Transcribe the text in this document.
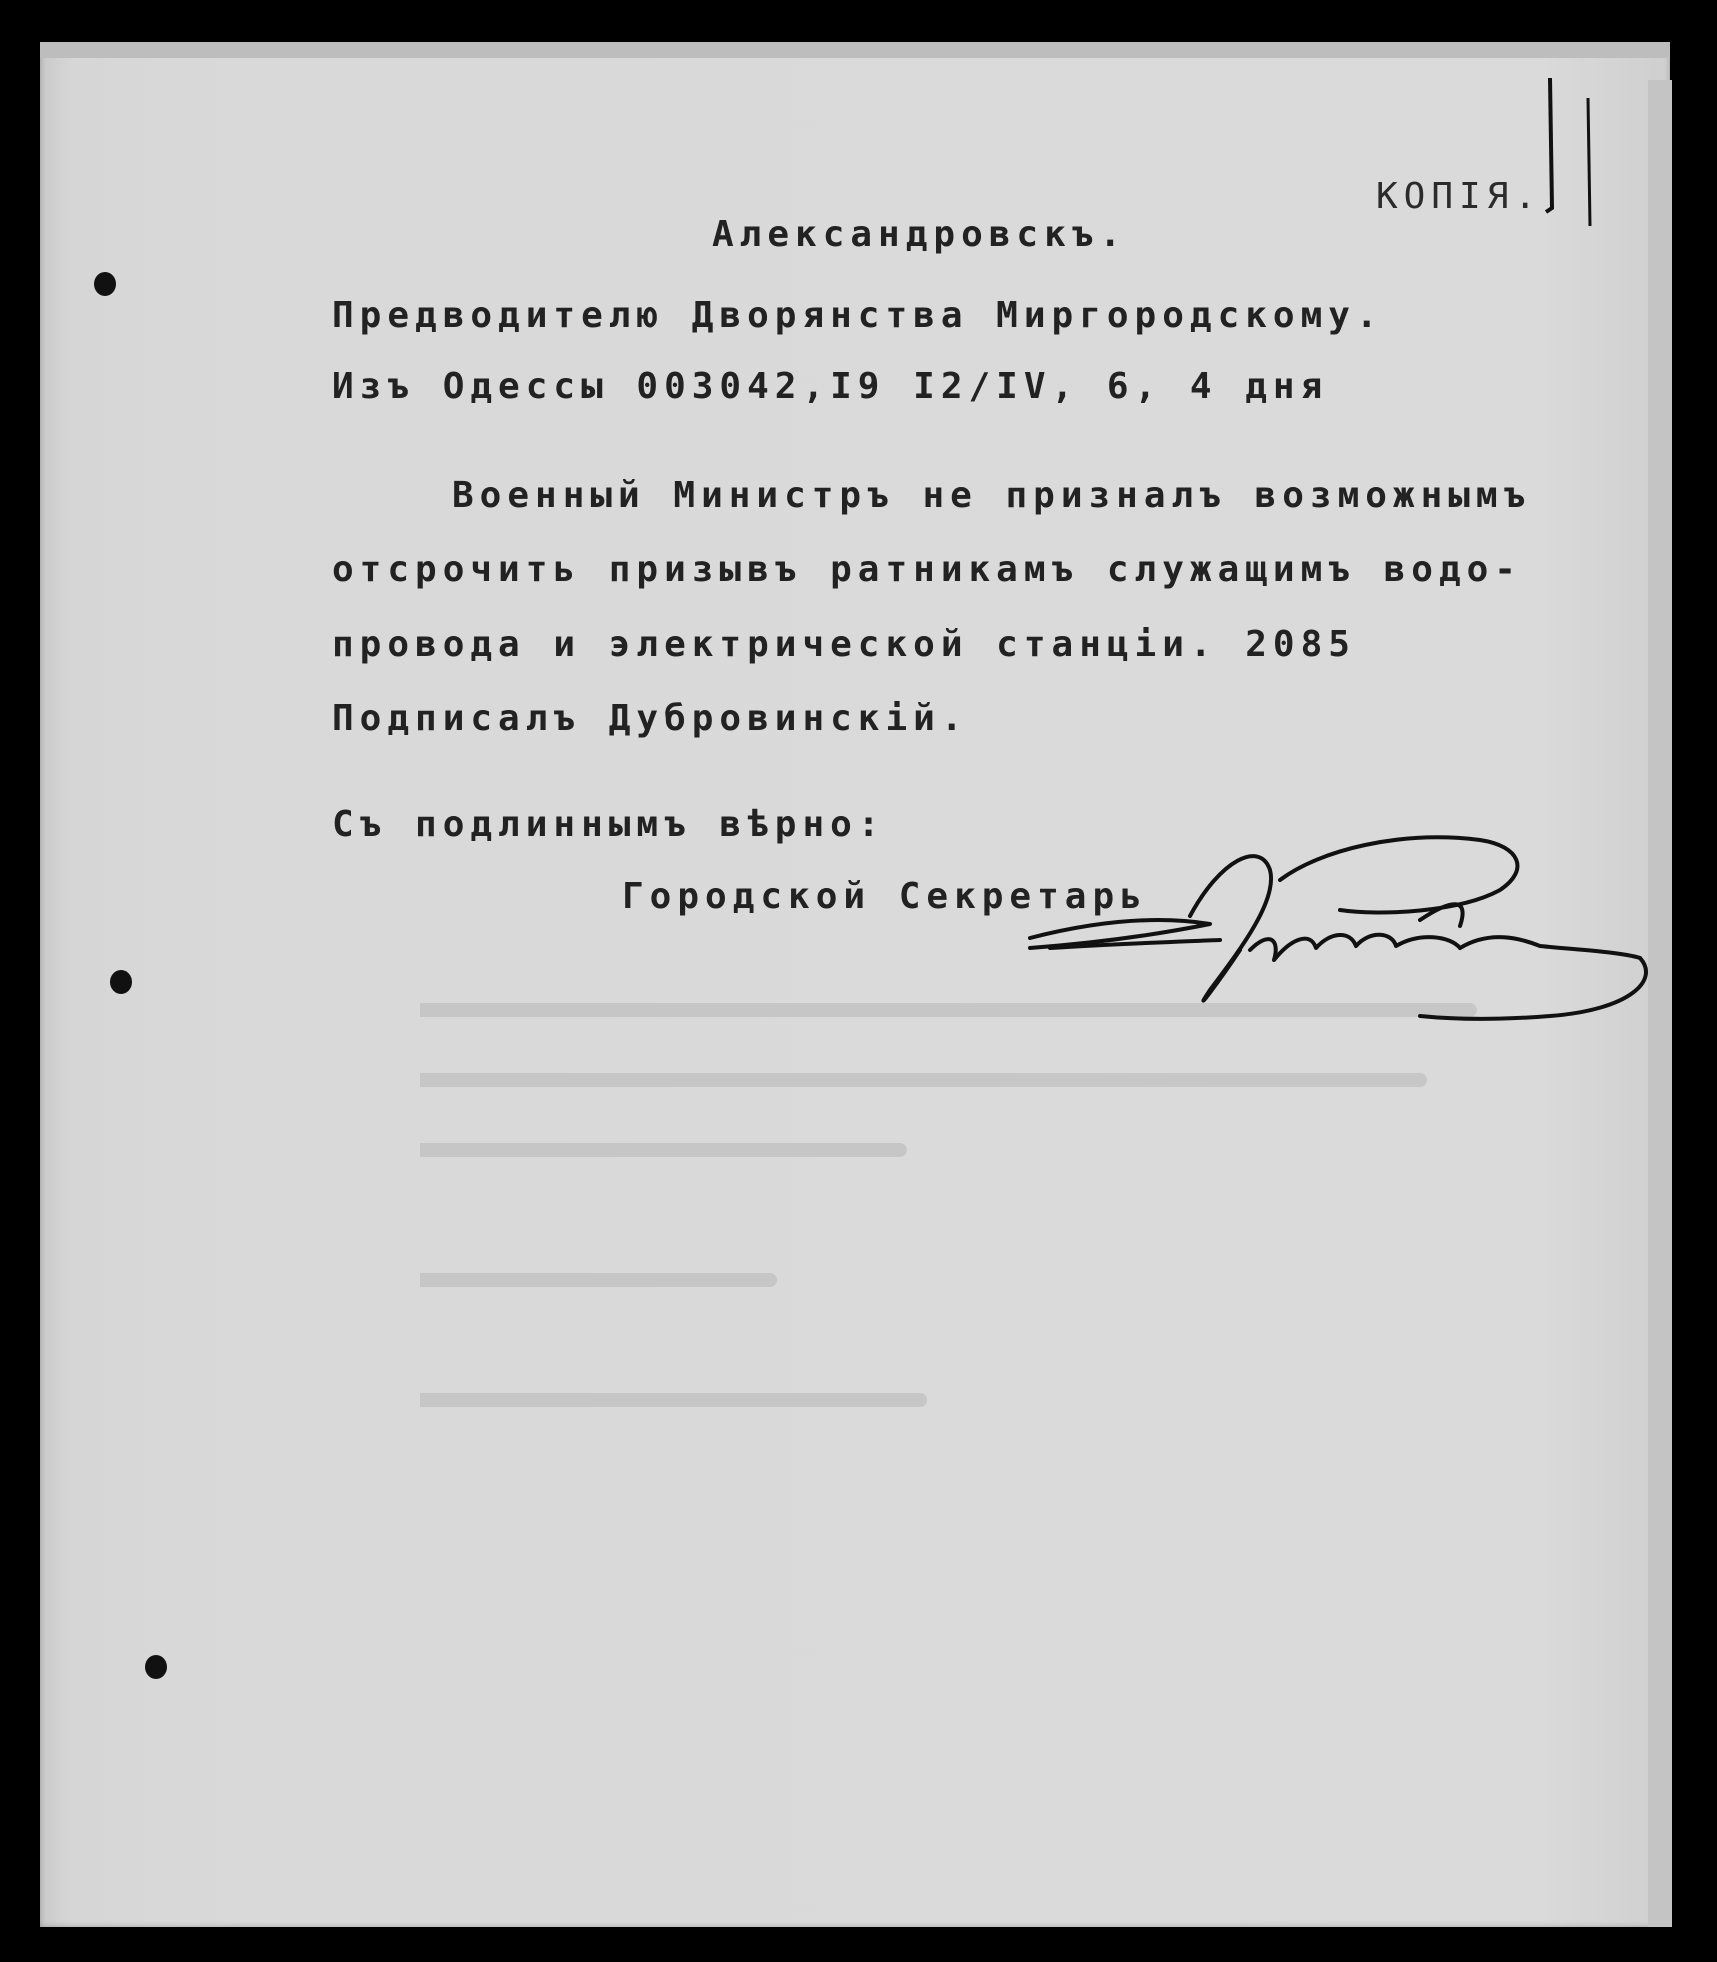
КОПІЯ.

Александровскъ.

Предводителю Дворянства Миргородскому.

Изъ Одессы 003042,I9 I2/IV, 6, 4 дня

Военный Министръ не призналъ возможнымъ

отсрочить призывъ ратникамъ служащимъ водо-

провода и электрической станціи. 2085

Подписалъ Дубровинскій.

Съ подлиннымъ вѣрно:

Городской Секретарь
